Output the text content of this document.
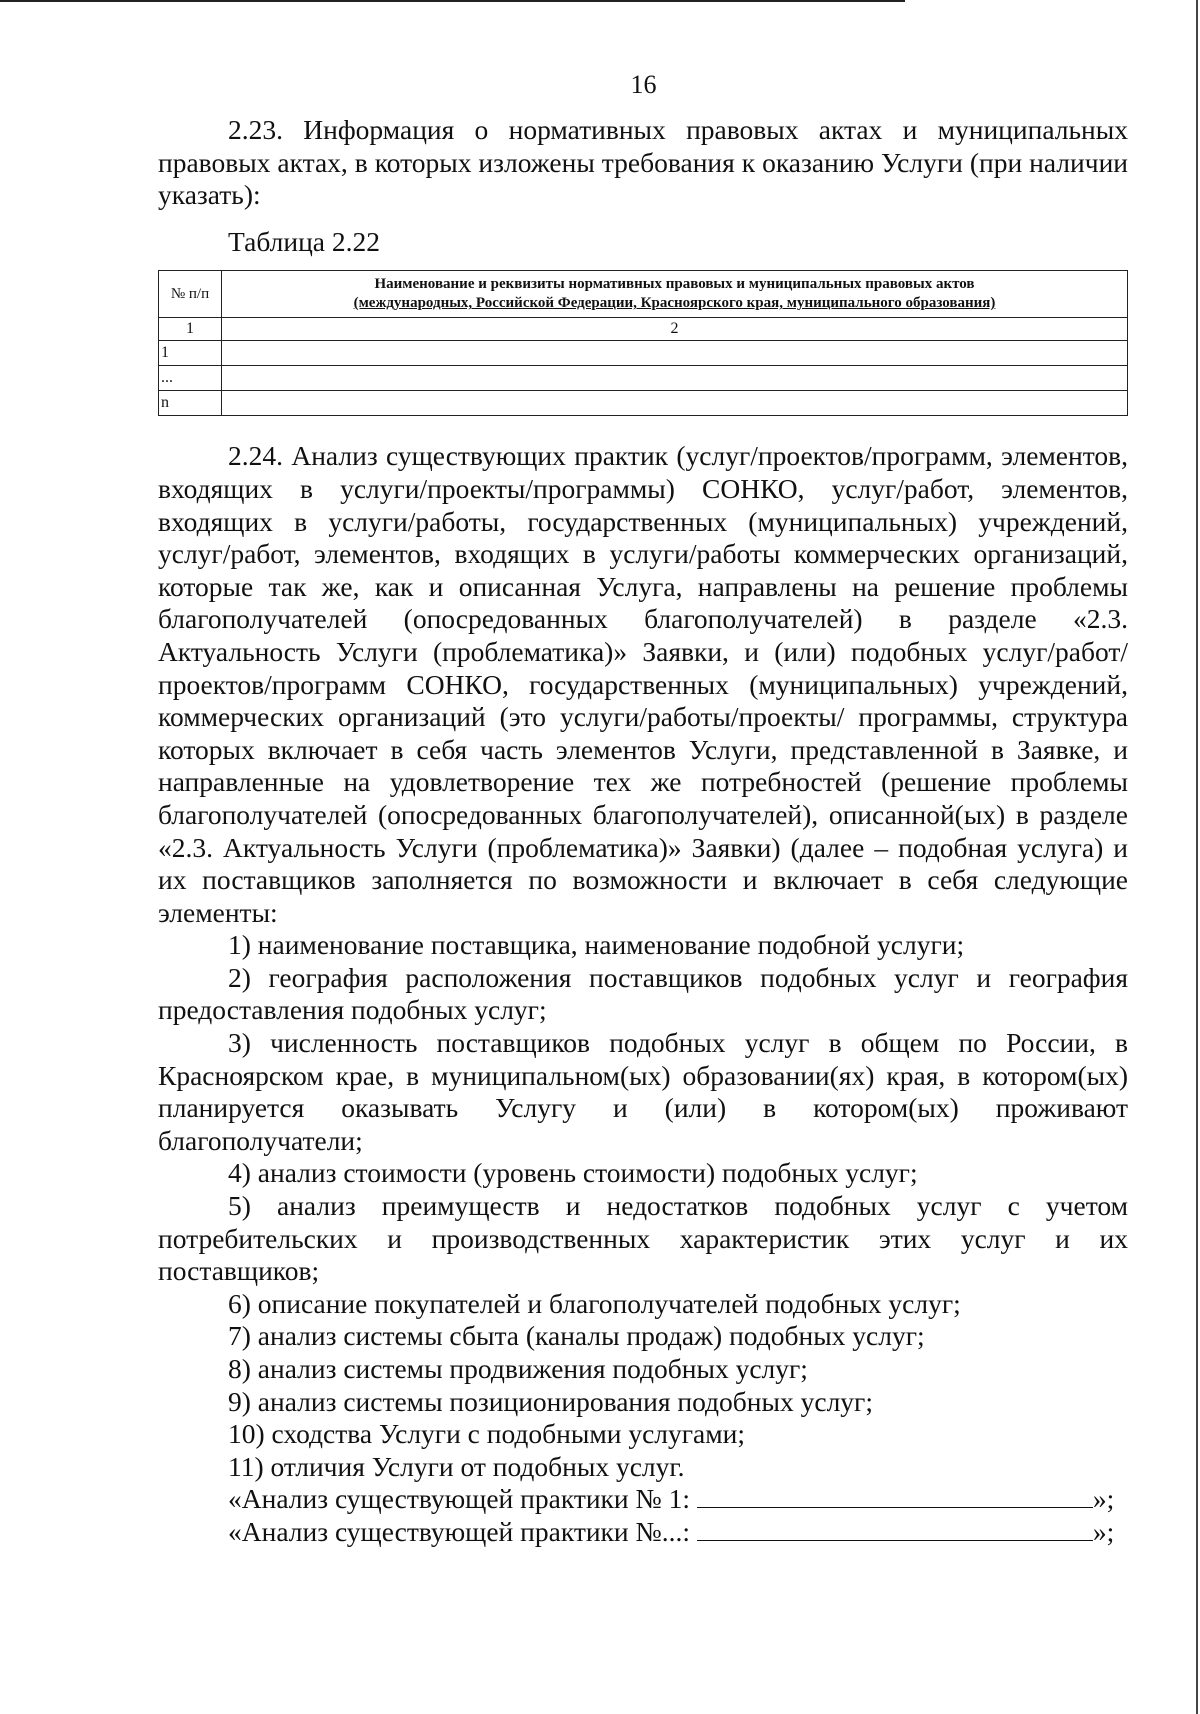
16

2.23. Информация о нормативных правовых актах и муниципальных правовых актах, в которых изложены требования к оказанию Услуги (при наличии указать):

Таблица 2.22
№ п/п	Наименование и реквизиты нормативных правовых и муниципальных правовых актов
(международных, Российской Федерации, Красноярского края, муниципального образования)
1	2
1	
...	
n	

2.24. Анализ существующих практик (услуг/проектов/программ, элементов, входящих в услуги/проекты/программы) СОНКО, услуг/работ, элементов, входящих в услуги/работы, государственных (муниципальных) учреждений, услуг/работ, элементов, входящих в услуги/работы коммерческих организаций, которые так же, как и описанная Услуга, направлены на решение проблемы благополучателей (опосредованных благополучателей) в разделе «2.3. Актуальность Услуги (проблематика)» Заявки, и (или) подобных услуг/работ/проектов/программ СОНКО, государственных (муниципальных) учреждений, коммерческих организаций (это услуги/работы/проекты/ программы, структура которых включает в себя часть элементов Услуги, представленной в Заявке, и направленные на удовлетворение тех же потребностей (решение проблемы благополучателей (опосредованных благополучателей), описанной(ых) в разделе «2.3. Актуальность Услуги (проблематика)» Заявки) (далее – подобная услуга) и их поставщиков заполняется по возможности и включает в себя следующие элементы:

1) наименование поставщика, наименование подобной услуги;

2) география расположения поставщиков подобных услуг и география предоставления подобных услуг;

3) численность поставщиков подобных услуг в общем по России, в Красноярском крае, в муниципальном(ых) образовании(ях) края, в котором(ых) планируется оказывать Услугу и (или) в котором(ых) проживают благополучатели;

4) анализ стоимости (уровень стоимости) подобных услуг;

5) анализ преимуществ и недостатков подобных услуг с учетом потребительских и производственных характеристик этих услуг и их поставщиков;

6) описание покупателей и благополучателей подобных услуг;

7) анализ системы сбыта (каналы продаж) подобных услуг;

8) анализ системы продвижения подобных услуг;

9) анализ системы позиционирования подобных услуг;

10) сходства Услуги с подобными услугами;

11) отличия Услуги от подобных услуг.

«Анализ существующей практики № 1:	»;

«Анализ существующей практики №...:	»;
